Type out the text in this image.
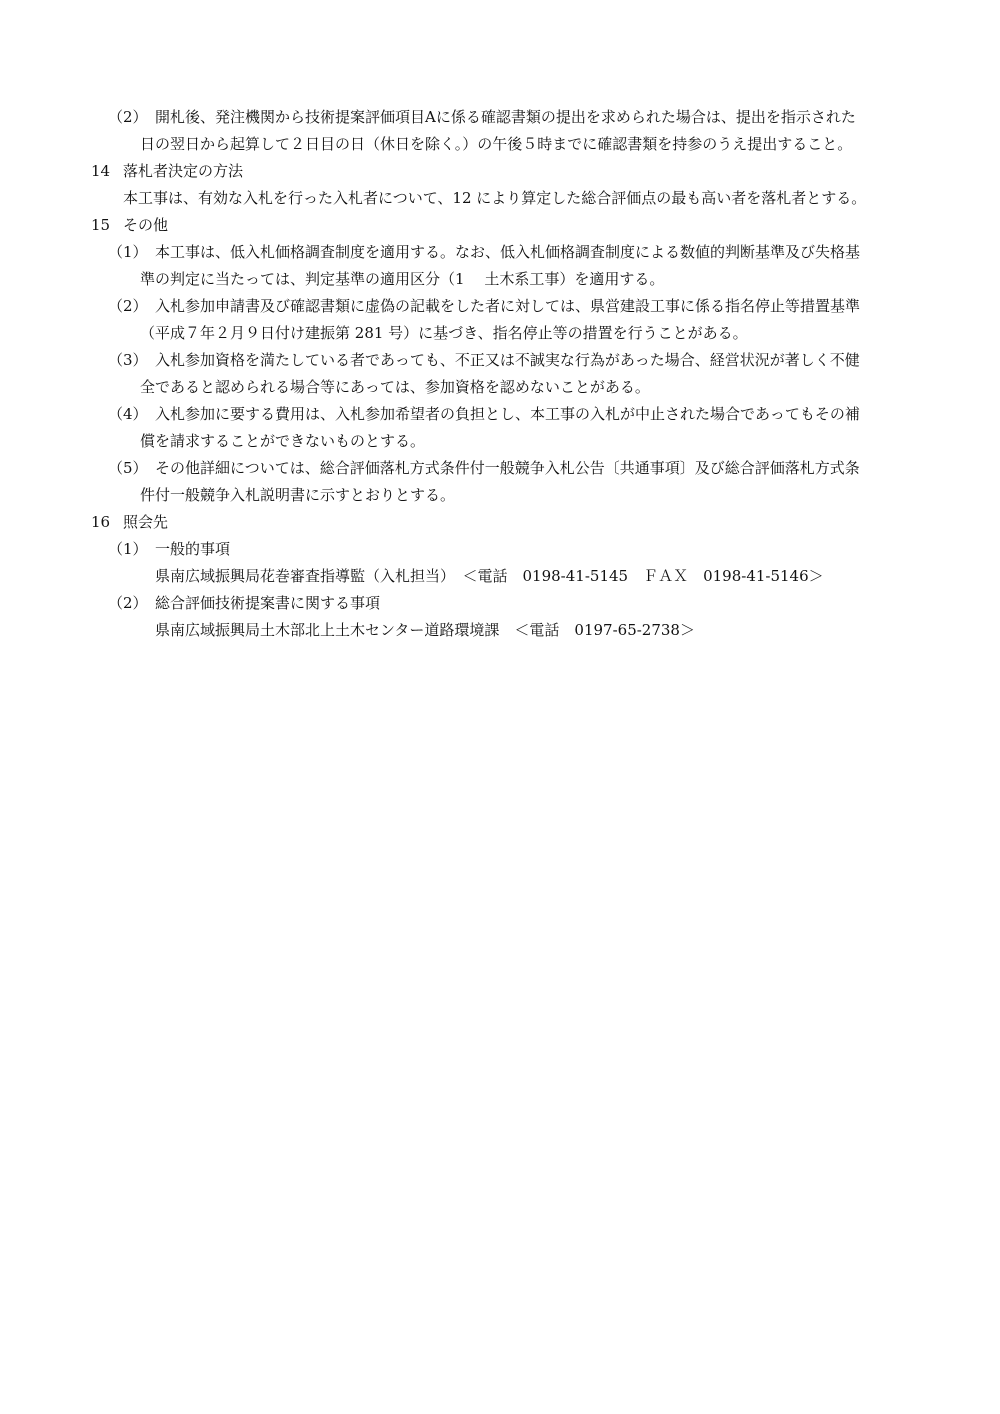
（2） 開札後、発注機関から技術提案評価項目Aに係る確認書類の提出を求められた場合は、提出を指示された
日の翌日から起算して２日目の日（休日を除く。）の午後５時までに確認書類を持参のうえ提出すること。
14 落札者決定の方法
本工事は、有効な入札を行った入札者について、12 により算定した総合評価点の最も高い者を落札者とする。
15 その他
（1） 本工事は、低入札価格調査制度を適用する。なお、低入札価格調査制度による数値的判断基準及び失格基
準の判定に当たっては、判定基準の適用区分（1　 土木系工事）を適用する。
（2） 入札参加申請書及び確認書類に虚偽の記載をした者に対しては、県営建設工事に係る指名停止等措置基準
（平成７年２月９日付け建振第 281 号）に基づき、指名停止等の措置を行うことがある。
（3） 入札参加資格を満たしている者であっても、不正又は不誠実な行為があった場合、経営状況が著しく不健
全であると認められる場合等にあっては、参加資格を認めないことがある。
（4） 入札参加に要する費用は、入札参加希望者の負担とし、本工事の入札が中止された場合であってもその補
償を請求することができないものとする。
（5） その他詳細については、総合評価落札方式条件付一般競争入札公告〔共通事項〕及び総合評価落札方式条
件付一般競争入札説明書に示すとおりとする。
16 照会先
（1） 一般的事項
県南広域振興局花巻審査指導監（入札担当）　＜電話　0198-41-5145　ＦＡＸ　0198-41-5146＞
（2） 総合評価技術提案書に関する事項
県南広域振興局土木部北上土木センター道路環境課　＜電話　0197-65-2738＞
